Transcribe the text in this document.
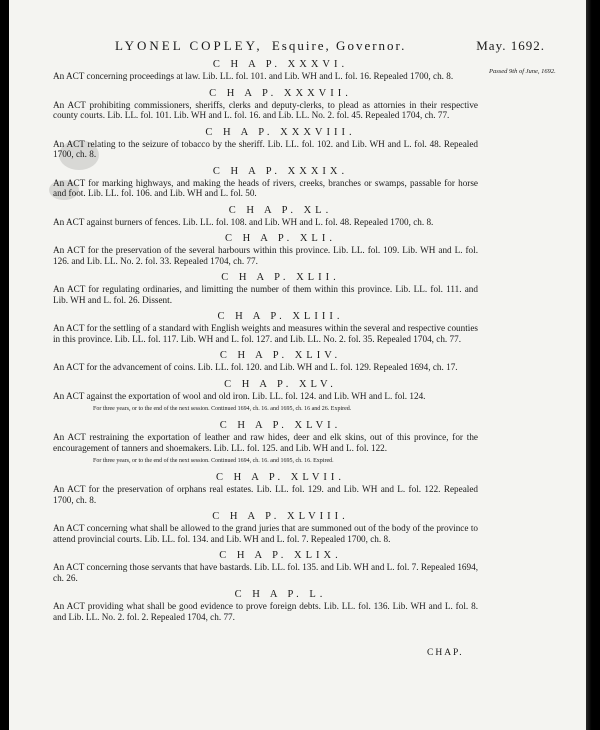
LYONEL COPLEY, Esquire, Governor.	May. 1692.
Passed 9th of June, 1692.
C H A P. XXXVI.
An ACT concerning proceedings at law. Lib. LL. fol. 101. and Lib. WH and L. fol. 16. Repealed 1700, ch. 8.
C H A P. XXXVII.
An ACT prohibiting commissioners, sheriffs, clerks and deputy-clerks, to plead as attornies in their respective county courts. Lib. LL. fol. 101. Lib. WH and L. fol. 16. and Lib. LL. No. 2. fol. 45. Repealed 1704, ch. 77.
C H A P. XXXVIII.
An ACT relating to the seizure of tobacco by the sheriff. Lib. LL. fol. 102. and Lib. WH and L. fol. 48. Repealed 1700, ch. 8.
C H A P. XXXIX.
An ACT for marking highways, and making the heads of rivers, creeks, branches or swamps, passable for horse and foot. Lib. LL. fol. 106. and Lib. WH and L. fol. 50.
C H A P. XL.
An ACT against burners of fences. Lib. LL. fol. 108. and Lib. WH and L. fol. 48. Repealed 1700, ch. 8.
C H A P. XLI.
An ACT for the preservation of the several harbours within this province. Lib. LL. fol. 109. Lib. WH and L. fol. 126. and Lib. LL. No. 2. fol. 33. Repealed 1704, ch. 77.
C H A P. XLII.
An ACT for regulating ordinaries, and limitting the number of them within this province. Lib. LL. fol. 111. and Lib. WH and L. fol. 26. Dissent.
C H A P. XLIII.
An ACT for the settling of a standard with English weights and measures within the several and respective counties in this province. Lib. LL. fol. 117. Lib. WH and L. fol. 127. and Lib. LL. No. 2. fol. 35. Repealed 1704, ch. 77.
C H A P. XLIV.
An ACT for the advancement of coins. Lib. LL. fol. 120. and Lib. WH and L. fol. 129. Repealed 1694, ch. 17.
C H A P. XLV.
An ACT against the exportation of wool and old iron. Lib. LL. fol. 124. and Lib. WH and L. fol. 124.
For three years, or to the end of the next session. Continued 1694, ch. 16. and 1695, ch. 16 and 26. Expired.
C H A P. XLVI.
An ACT restraining the exportation of leather and raw hides, deer and elk skins, out of this province, for the encouragement of tanners and shoemakers. Lib. LL. fol. 125. and Lib. WH and L. fol. 122.
For three years, or to the end of the next session. Continued 1694, ch. 16. and 1695, ch. 16. Expired.
C H A P. XLVII.
An ACT for the preservation of orphans real estates. Lib. LL. fol. 129. and Lib. WH and L. fol. 122. Repealed 1700, ch. 8.
C H A P. XLVIII.
An ACT concerning what shall be allowed to the grand juries that are summoned out of the body of the province to attend provincial courts. Lib. LL. fol. 134. and Lib. WH and L. fol. 7. Repealed 1700, ch. 8.
C H A P. XLIX.
An ACT concerning those servants that have bastards. Lib. LL. fol. 135. and Lib. WH and L. fol. 7. Repealed 1694, ch. 26.
C H A P. L.
An ACT providing what shall be good evidence to prove foreign debts. Lib. LL. fol. 136. Lib. WH and L. fol. 8. and Lib. LL. No. 2. fol. 2. Repealed 1704, ch. 77.
CHAP.
